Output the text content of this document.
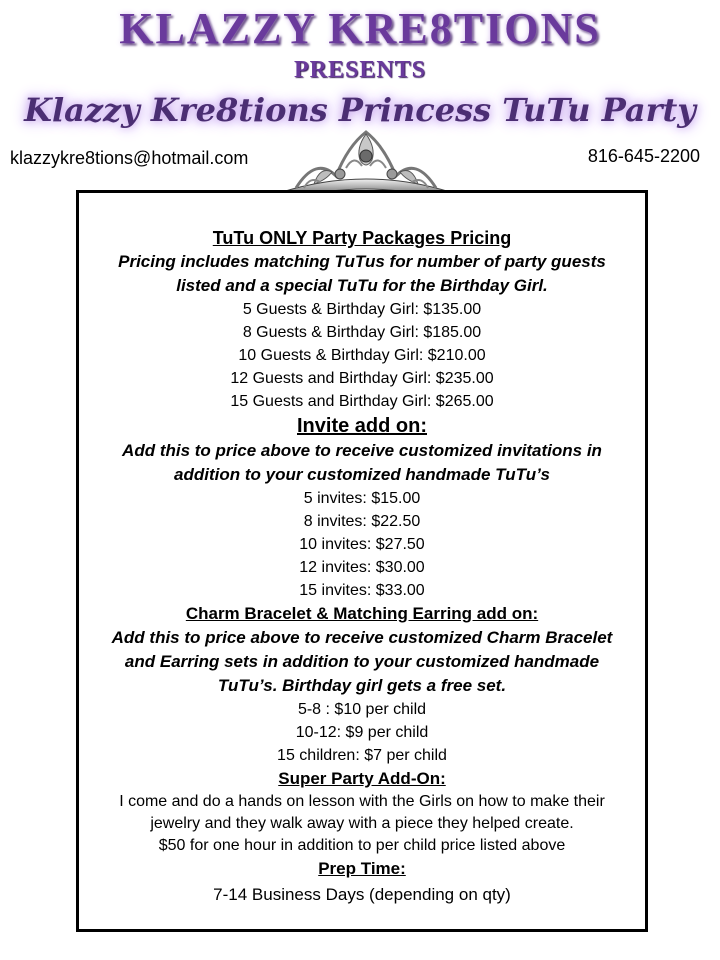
KLAZZY KRE8TIONS
PRESENTS
Klazzy Kre8tions Princess TuTu Party
klazzykre8tions@hotmail.com	816-645-2200
TuTu ONLY Party Packages Pricing
Pricing includes matching TuTus for number of party guests
listed and a special TuTu for the Birthday Girl.
5 Guests & Birthday Girl: $135.00
8 Guests & Birthday Girl: $185.00
10 Guests & Birthday Girl: $210.00
12 Guests and Birthday Girl: $235.00
15 Guests and Birthday Girl: $265.00
Invite add on:
Add this to price above to receive customized invitations in
addition to your customized handmade TuTu’s
5 invites: $15.00
8 invites: $22.50
10 invites: $27.50
12 invites: $30.00
15 invites: $33.00
Charm Bracelet & Matching Earring add on:
Add this to price above to receive customized Charm Bracelet
and Earring sets in addition to your customized handmade
TuTu’s. Birthday girl gets a free set.
5-8 : $10 per child
10-12: $9 per child
15 children: $7 per child
Super Party Add-On:
I come and do a hands on lesson with the Girls on how to make their
jewelry and they walk away with a piece they helped create.
$50 for one hour in addition to per child price listed above
Prep Time:
7-14 Business Days (depending on qty)
